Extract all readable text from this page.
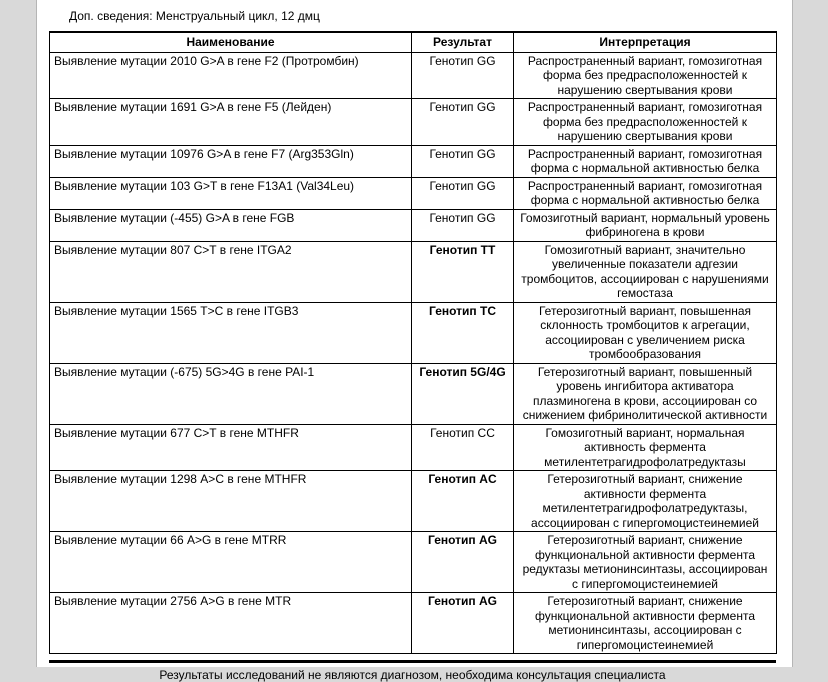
Доп. сведения: Менструальный цикл, 12 дмц
Наименование	Результат	Интерпретация
Выявление мутации 2010 G>A в гене F2 (Протромбин)	Генотип GG	Распространенный вариант, гомозиготная форма без предрасположенностей к нарушению свертывания крови
Выявление мутации 1691 G>A в гене F5 (Лейден)	Генотип GG	Распространенный вариант, гомозиготная форма без предрасположенностей к нарушению свертывания крови
Выявление мутации 10976 G>A в гене F7 (Arg353Gln)	Генотип GG	Распространенный вариант, гомозиготная форма с нормальной активностью белка
Выявление мутации 103 G>T в гене F13A1 (Val34Leu)	Генотип GG	Распространенный вариант, гомозиготная форма с нормальной активностью белка
Выявление мутации (-455) G>A в гене FGB	Генотип GG	Гомозиготный вариант, нормальный уровень фибриногена в крови
Выявление мутации 807 C>T в гене ITGA2	Генотип TT	Гомозиготный вариант, значительно увеличенные показатели адгезии тромбоцитов, ассоциирован с нарушениями гемостаза
Выявление мутации 1565 T>C в гене ITGB3	Генотип TC	Гетерозиготный вариант, повышенная склонность тромбоцитов к агрегации, ассоциирован с увеличением риска тромбообразования
Выявление мутации (-675) 5G>4G в гене PAI-1	Генотип 5G/4G	Гетерозиготный вариант, повышенный уровень ингибитора активатора плазминогена в крови, ассоциирован со снижением фибринолитической активности
Выявление мутации 677 C>T в гене MTHFR	Генотип CC	Гомозиготный вариант, нормальная активность фермента метилентетрагидрофолатредуктазы
Выявление мутации 1298 A>C в гене MTHFR	Генотип AC	Гетерозиготный вариант, снижение активности фермента метилентетрагидрофолатредуктазы, ассоциирован с гипергомоцистеинемией
Выявление мутации 66 A>G в гене MTRR	Генотип AG	Гетерозиготный вариант, снижение функциональной активности фермента редуктазы метионинсинтазы, ассоциирован с гипергомоцистеинемией
Выявление мутации 2756 A>G в гене MTR	Генотип AG	Гетерозиготный вариант, снижение функциональной активности фермента метионинсинтазы, ассоциирован с гипергомоцистеинемией
Результаты исследований не являются диагнозом, необходима консультация специалиста
